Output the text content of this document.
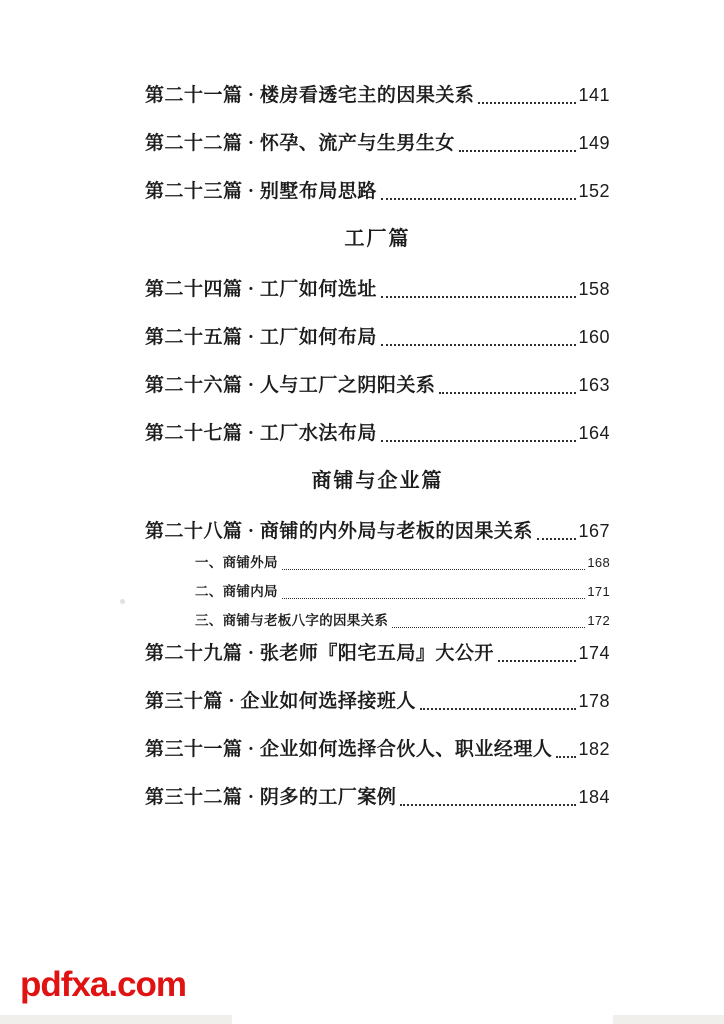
第二十一篇 · 楼房看透宅主的因果关系	141
第二十二篇 · 怀孕、流产与生男生女	149
第二十三篇 · 别墅布局思路	152
工厂篇
第二十四篇 · 工厂如何选址	158
第二十五篇 · 工厂如何布局	160
第二十六篇 · 人与工厂之阴阳关系	163
第二十七篇 · 工厂水法布局	164
商铺与企业篇
第二十八篇 · 商铺的内外局与老板的因果关系	167
一、商铺外局	168
二、商铺内局	171
三、商铺与老板八字的因果关系	172
第二十九篇 · 张老师『阳宅五局』大公开	174
第三十篇 · 企业如何选择接班人	178
第三十一篇 · 企业如何选择合伙人、职业经理人 182
第三十二篇 · 阴多的工厂案例	184
pdfxa.com
